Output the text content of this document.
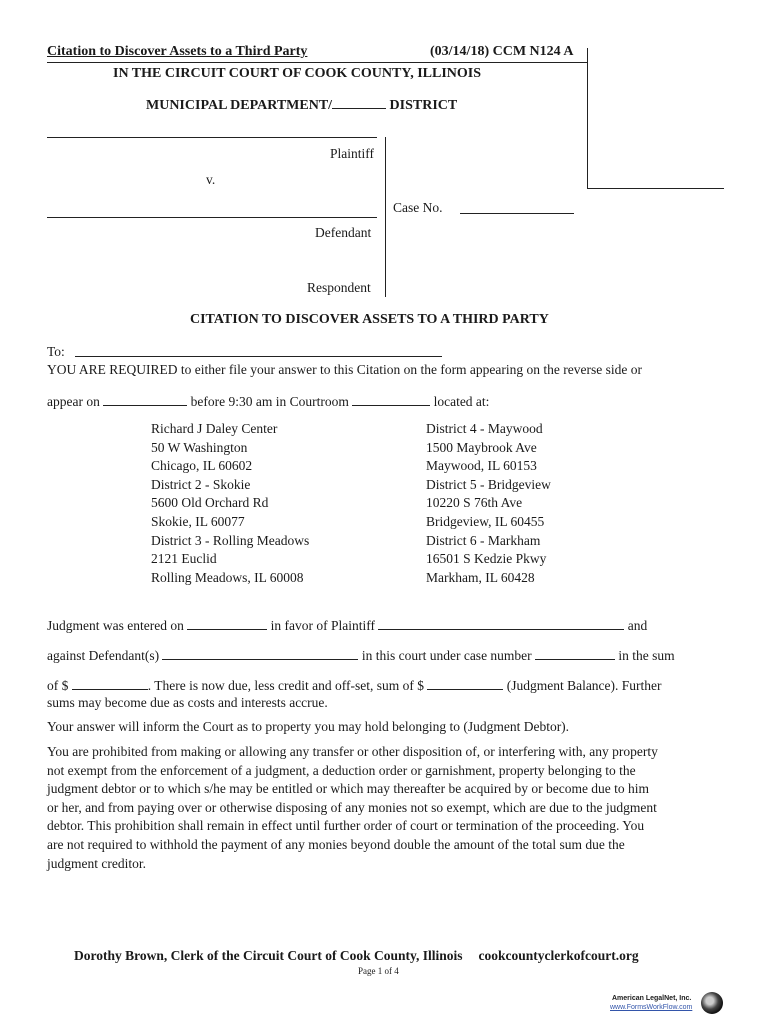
Citation to Discover Assets to a Third Party	(03/14/18) CCM N124 A
IN THE CIRCUIT COURT OF COOK COUNTY, ILLINOIS
MUNICIPAL DEPARTMENT/	DISTRICT
Plaintiff
v.
Defendant
Respondent
Case No.
CITATION TO DISCOVER ASSETS TO A THIRD PARTY
To:
YOU ARE REQUIRED to either file your answer to this Citation on the form appearing on the reverse side or
appear on	before 9:30 am in Courtroom	located at:
Richard J Daley Center
50 W Washington
Chicago, IL 60602
District 2 - Skokie
5600 Old Orchard Rd
Skokie, IL 60077
District 3 - Rolling Meadows
2121 Euclid
Rolling Meadows, IL 60008
District 4 - Maywood
1500 Maybrook Ave
Maywood, IL 60153
District 5 - Bridgeview
10220 S 76th Ave
Bridgeview, IL 60455
District 6 - Markham
16501 S Kedzie Pkwy
Markham, IL 60428
Judgment was entered on	in favor of Plaintiff	and
against Defendant(s)	in this court under case number	in the sum
of $	. There is now due, less credit and off-set, sum of $	(Judgment Balance). Further
sums may become due as costs and interests accrue.
Your answer will inform the Court as to property you may hold belonging to (Judgment Debtor).
You are prohibited from making or allowing any transfer or other disposition of, or interfering with, any property
not exempt from the enforcement of a judgment, a deduction order or garnishment, property belonging to the
judgment debtor or to which s/he may be entitled or which may thereafter be acquired by or become due to him
or her, and from paying over or otherwise disposing of any monies not so exempt, which are due to the judgment
debtor. This prohibition shall remain in effect until further order of court or termination of the proceeding. You
are not required to withhold the payment of any monies beyond double the amount of the total sum due the
judgment creditor.
Dorothy Brown, Clerk of the Circuit Court of Cook County, Illinois cookcountyclerkofcourt.org
Page 1 of 4
American LegalNet, Inc.
www.FormsWorkFlow.com
